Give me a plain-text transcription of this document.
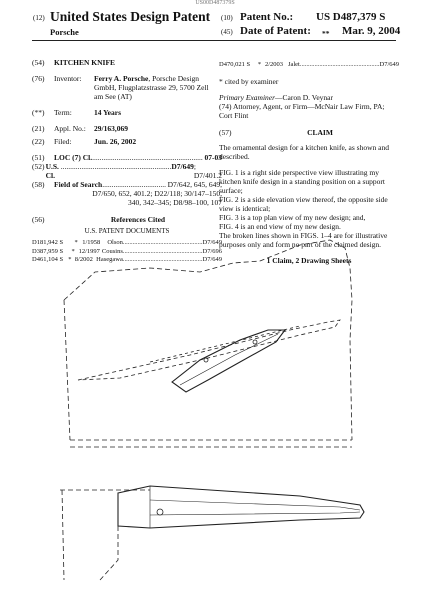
US00D487379S
(12) United States Design Patent
Porsche
(10) Patent No.: US D487,379 S
(45) Date of Patent: ** Mar. 9, 2004
(54)	KITCHEN KNIFE
(76)	Inventor:	Ferry A. Porsche, Porsche Design
GmbH, Flugplatzstrasse 29, 5700 Zell
am See (AT)
(**)	Term:	14 Years
(21)	Appl. No.:	29/163,069
(22)	Filed:	Jun. 26, 2002
(51)	LOC (7) Cl. ........................................................... 07-03
(52) U.S. Cl.
........................................................... D7/649 ; D7/401.2
(58)	Field of Search .................................. D7/642, 645, 649,
D7/650, 652, 401.2; D22/118; 30/147–150,
340, 342–345; D8/98–100, 107
(56)	References Cited
U.S. PATENT DOCUMENTS
D181,942 S	* 1/1958	Olson ................................................. D7/649
D387,959 S	* 12/1997 Cousins ................................................. D7/696
D461,104 S * 8/2002 Hasegawa ................................................. D7/649
D470,021 S	* 2/2003 Jalet ................................................. D7/649
* cited by examiner
Primary Examiner—Caron D. Veynar
(74) Attorney, Agent, or Firm—McNair Law Firm, PA;
Cort Flint
(57)	CLAIM
The ornamental design for a kitchen knife, as shown and described.
FIG. 1 is a right side perspective view illustrating my kitchen knife design in a standing position on a support surface;
FIG. 2 is a side elevation view thereof, the opposite side view is identical;
FIG. 3 is a top plan view of my new design; and,
FIG. 4 is an end view of my new design.
The broken lines shown in FIGS. 1–4 are for illustrative purposes only and form no part of the claimed design.
1 Claim, 2 Drawing Sheets
